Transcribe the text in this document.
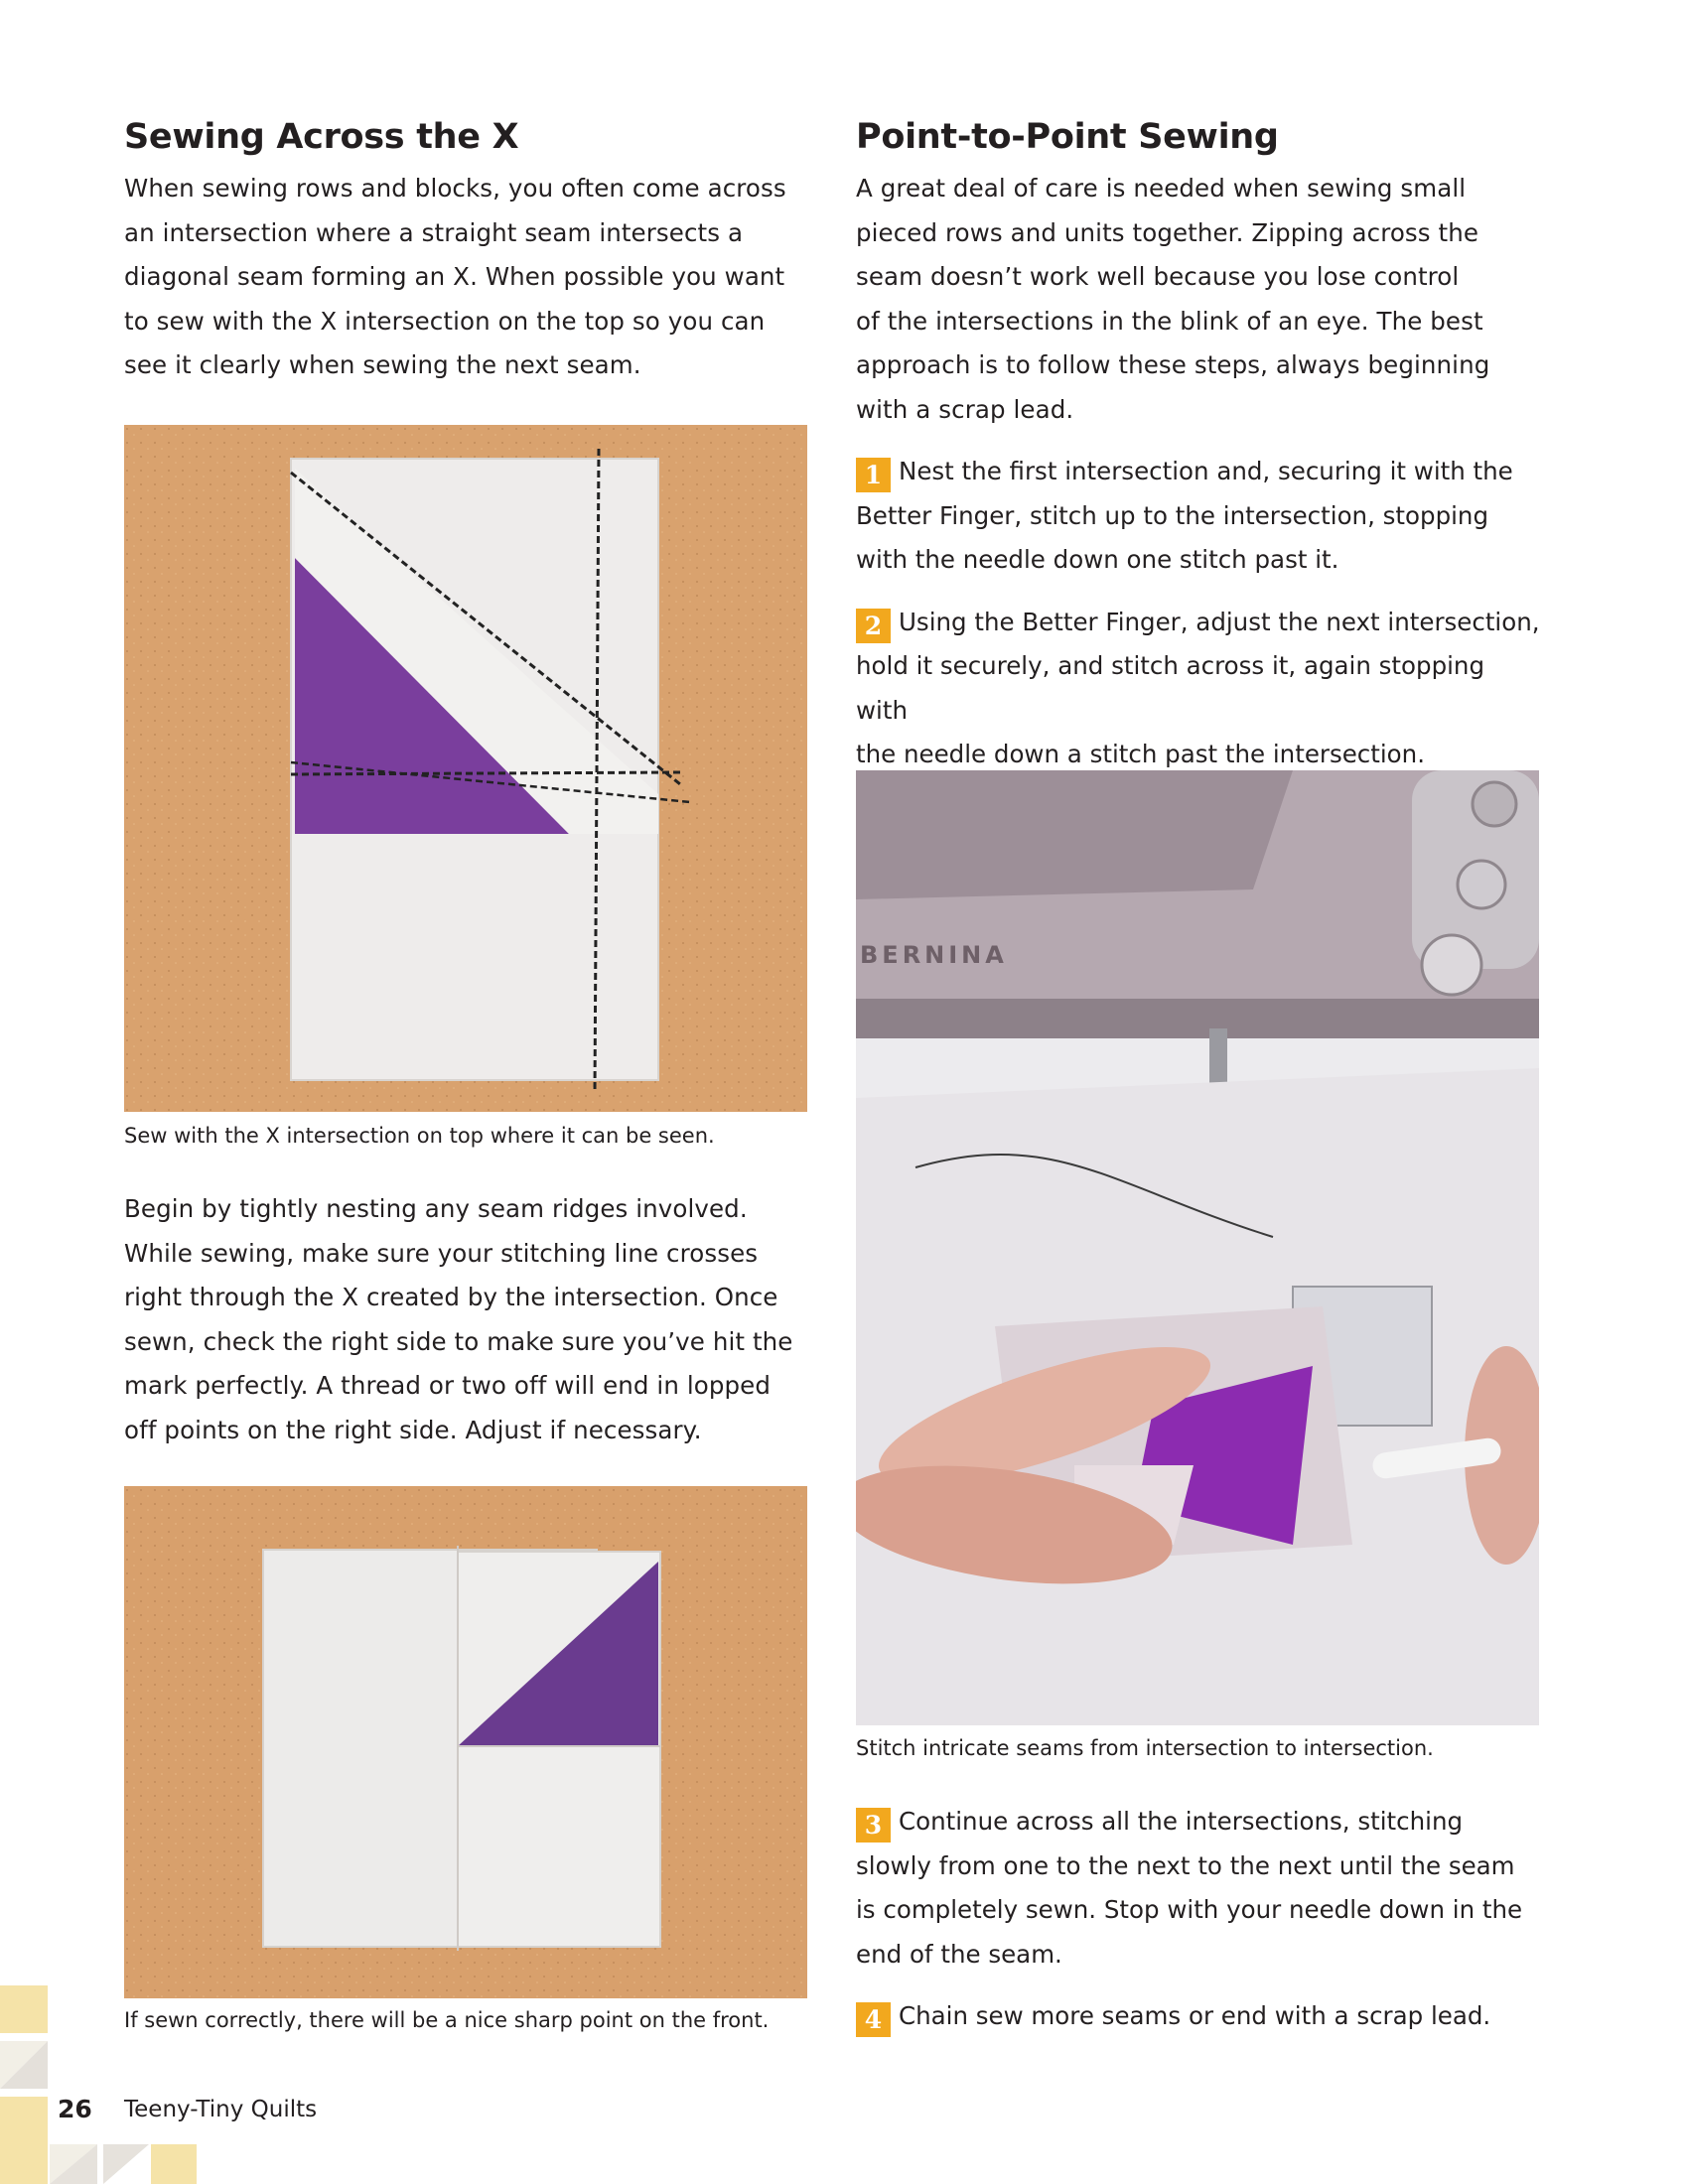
Sewing Across the X

When sewing rows and blocks, you often come across
an intersection where a straight seam intersects a
diagonal seam forming an X. When possible you want
to sew with the X intersection on the top so you can
see it clearly when sewing the next seam.

Sew with the X intersection on top where it can be seen.

Begin by tightly nesting any seam ridges involved.
While sewing, make sure your stitching line crosses
right through the X created by the intersection. Once
sewn, check the right side to make sure you’ve hit the
mark perfectly. A thread or two off will end in lopped
off points on the right side. Adjust if necessary.

If sewn correctly, there will be a nice sharp point on the front.

Point-to-Point Sewing

A great deal of care is needed when sewing small
pieced rows and units together. Zipping across the
seam doesn’t work well because you lose control
of the intersections in the blink of an eye. The best
approach is to follow these steps, always beginning
with a scrap lead.

1 Nest the first intersection and, securing it with the
Better Finger, stitch up to the intersection, stopping
with the needle down one stitch past it.

2 Using the Better Finger, adjust the next intersection,
hold it securely, and stitch across it, again stopping with
the needle down a stitch past the intersection.

BERNINA

Stitch intricate seams from intersection to intersection.

3 Continue across all the intersections, stitching
slowly from one to the next to the next until the seam
is completely sewn. Stop with your needle down in the
end of the seam.

4 Chain sew more seams or end with a scrap lead.

26 Teeny-Tiny Quilts
